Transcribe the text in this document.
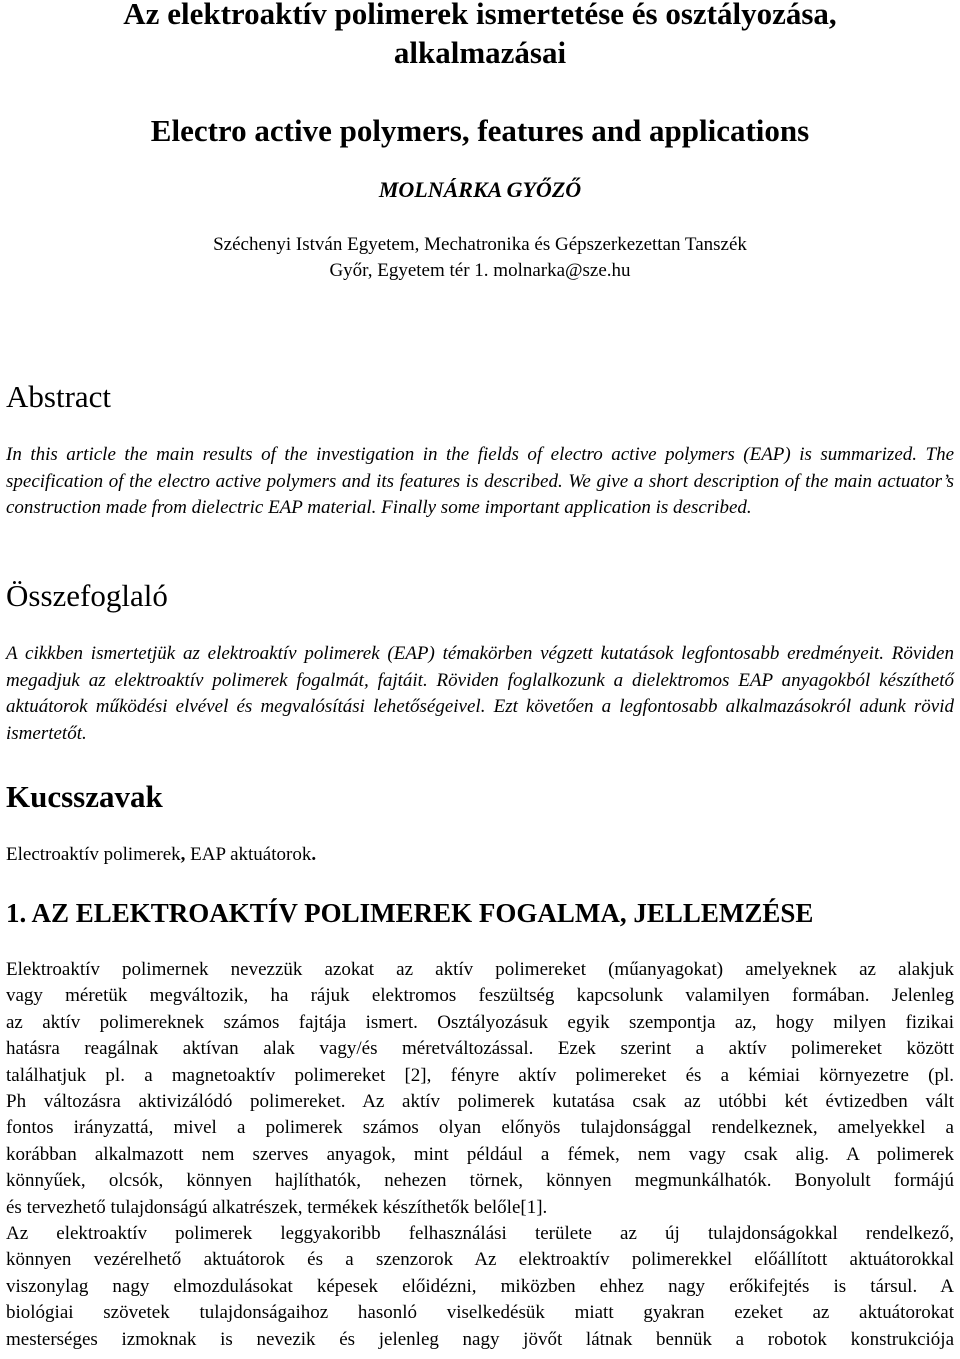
Az elektroaktív polimerek ismertetése és osztályozása,
alkalmazásai
Electro active polymers, features and applications
MOLNÁRKA GYŐZŐ
Széchenyi István Egyetem, Mechatronika és Gépszerkezettan Tanszék
Győr, Egyetem tér 1. molnarka@sze.hu
Abstract

In this article the main results of the investigation in the fields of electro active polymers (EAP) is summarized. The specification of the electro active polymers and its features is described. We give a short description of the main actuator’s construction made from dielectric EAP material. Finally some important application is described.

Összefoglaló

A cikkben ismertetjük az elektroaktív polimerek (EAP) témakörben végzett kutatások legfontosabb eredményeit. Röviden megadjuk az elektroaktív polimerek fogalmát, fajtáit. Röviden foglalkozunk a dielektromos EAP anyagokból készíthető aktuátorok működési elvével és megvalósítási lehetőségeivel. Ezt követően a legfontosabb alkalmazásokról adunk rövid ismertetőt.

Kucsszavak
Electroaktív polimerek, EAP aktuátorok.
1. AZ ELEKTROAKTÍV POLIMEREK FOGALMA, JELLEMZÉSE
Elektroaktív polimernek nevezzük azokat az aktív polimereket (műanyagokat) amelyeknek az alakjuk
vagy méretük megváltozik, ha rájuk elektromos feszültség kapcsolunk valamilyen formában. Jelenleg
az aktív polimereknek számos fajtája ismert. Osztályozásuk egyik szempontja az, hogy milyen fizikai
hatásra reagálnak aktívan alak vagy/és méretváltozással. Ezek szerint a aktív polimereket között
találhatjuk pl. a magnetoaktív polimereket [2], fényre aktív polimereket és a kémiai környezetre (pl.
Ph változásra aktivizálódó polimereket. Az aktív polimerek kutatása csak az utóbbi két évtizedben vált
fontos irányzattá, mivel a polimerek számos olyan előnyös tulajdonsággal rendelkeznek, amelyekkel a
korábban alkalmazott nem szerves anyagok, mint például a fémek, nem vagy csak alig. A polimerek
könnyűek, olcsók, könnyen hajlíthatók, nehezen törnek, könnyen megmunkálhatók. Bonyolult formájú
és tervezhető tulajdonságú alkatrészek, termékek készíthetők belőle[1].
Az elektroaktív polimerek leggyakoribb felhasználási területe az új tulajdonságokkal rendelkező,
könnyen vezérelhető aktuátorok és a szenzorok Az elektroaktív polimerekkel előállított aktuátorokkal
viszonylag nagy elmozdulásokat képesek előidézni, miközben ehhez nagy erőkifejtés is társul. A
biológiai szövetek tulajdonságaihoz hasonló viselkedésük miatt gyakran ezeket az aktuátorokat
mesterséges izmoknak is nevezik és jelenleg nagy jövőt látnak bennük a robotok konstrukciója
